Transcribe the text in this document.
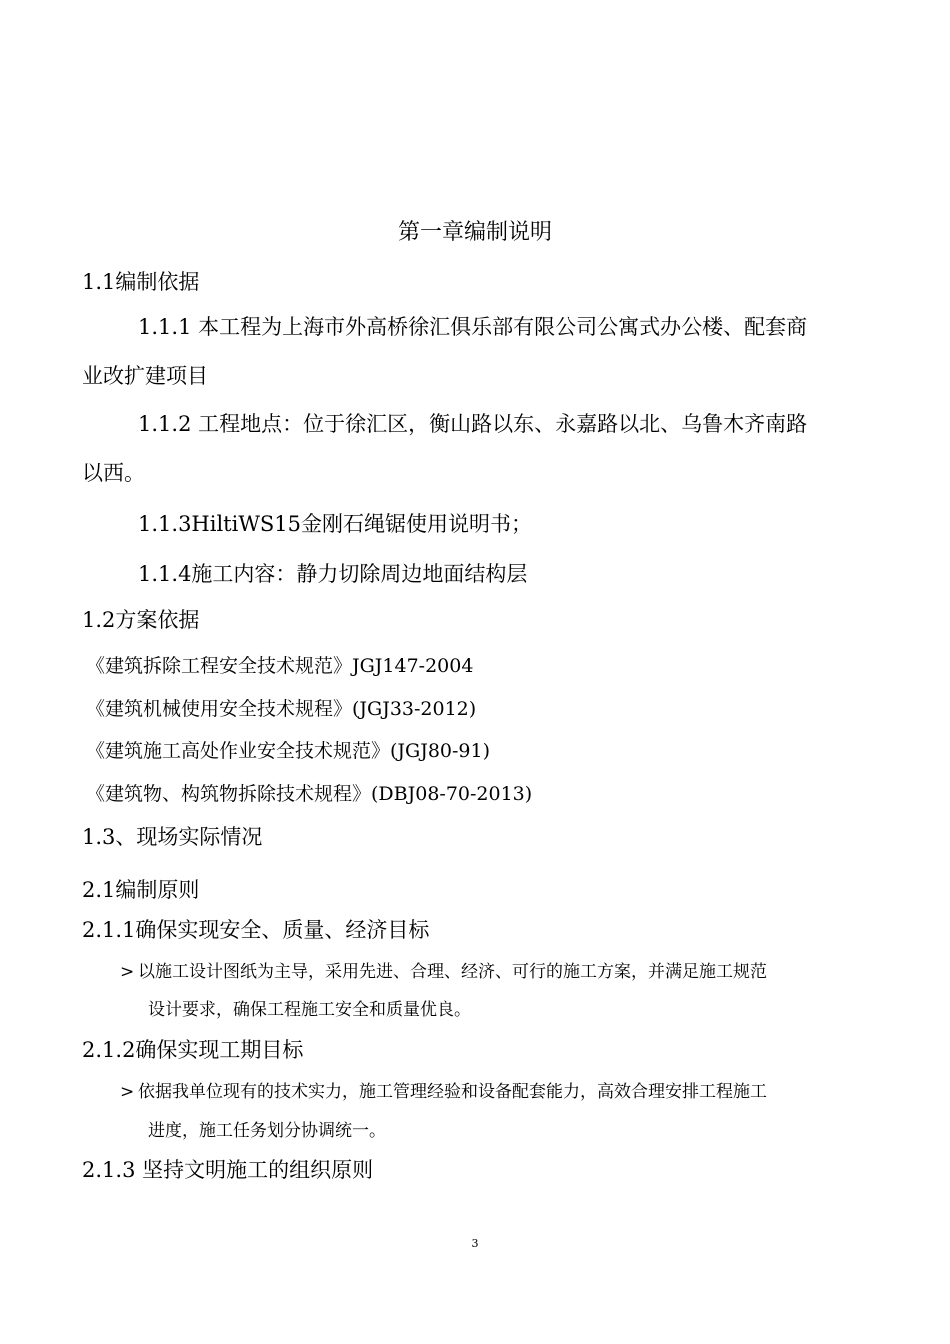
第一章编制说明
1.1编制依据
1.1.1 本工程为上海市外高桥徐汇俱乐部有限公司公寓式办公楼、配套商
业改扩建项目
1.1.2 工程地点：位于徐汇区，衡山路以东、永嘉路以北、乌鲁木齐南路
以西。
1.1.3HiltiWS15金刚石绳锯使用说明书；
1.1.4施工内容：静力切除周边地面结构层
1.2方案依据
《建筑拆除工程安全技术规范》JGJ147-2004
《建筑机械使用安全技术规程》(JGJ33-2012)
《建筑施工高处作业安全技术规范》(JGJ80-91)
《建筑物、构筑物拆除技术规程》(DBJ08-70-2013)
1.3、现场实际情况
2.1编制原则
2.1.1确保实现安全、质量、经济目标
> 以施工设计图纸为主导，采用先进、合理、经济、可行的施工方案，并满足施工规范
设计要求，确保工程施工安全和质量优良。
2.1.2确保实现工期目标
> 依据我单位现有的技术实力，施工管理经验和设备配套能力，高效合理安排工程施工
进度，施工任务划分协调统一。
2.1.3 坚持文明施工的组织原则
3
